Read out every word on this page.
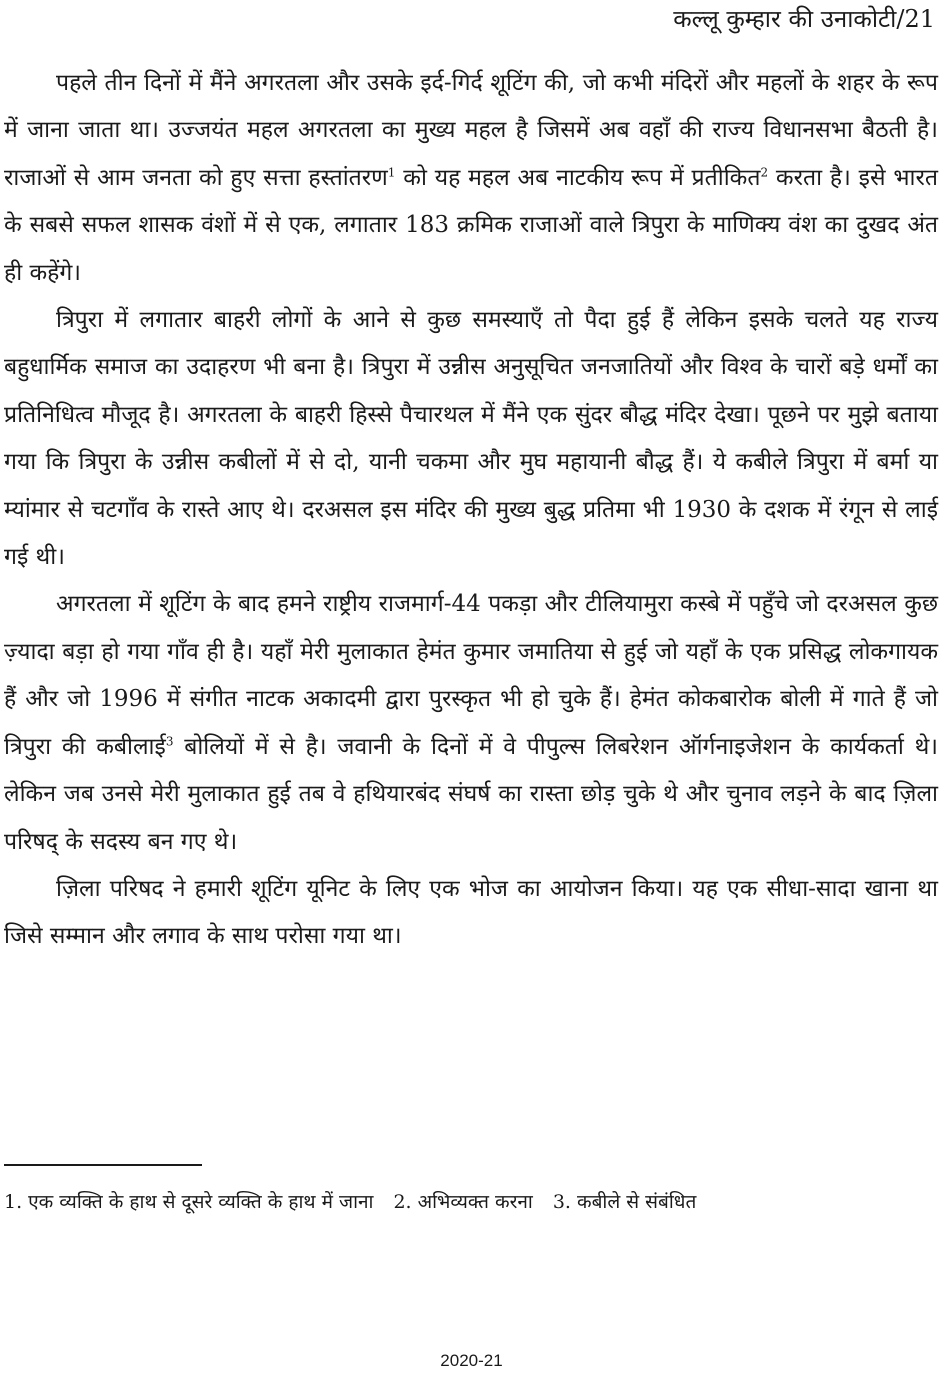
कल्लू कुम्हार की उनाकोटी/21

पहले तीन दिनों में मैंने अगरतला और उसके इर्द-गिर्द शूटिंग की, जो कभी मंदिरों और महलों के शहर के रूप में जाना जाता था। उज्जयंत महल अगरतला का मुख्य महल है जिसमें अब वहाँ की राज्य विधानसभा बैठती है। राजाओं से आम जनता को हुए सत्ता हस्तांतरण$^1$ को यह महल अब नाटकीय रूप में प्रतीकित$^2$ करता है। इसे भारत के सबसे सफल शासक वंशों में से एक, लगातार 183 क्रमिक राजाओं वाले त्रिपुरा के माणिक्य वंश का दुखद अंत ही कहेंगे।

त्रिपुरा में लगातार बाहरी लोगों के आने से कुछ समस्याएँ तो पैदा हुई हैं लेकिन इसके चलते यह राज्य बहुधार्मिक समाज का उदाहरण भी बना है। त्रिपुरा में उन्नीस अनुसूचित जनजातियों और विश्व के चारों बड़े धर्मों का प्रतिनिधित्व मौजूद है। अगरतला के बाहरी हिस्से पैचारथल में मैंने एक सुंदर बौद्ध मंदिर देखा। पूछने पर मुझे बताया गया कि त्रिपुरा के उन्नीस कबीलों में से दो, यानी चकमा और मुघ महायानी बौद्ध हैं। ये कबीले त्रिपुरा में बर्मा या म्यांमार से चटगाँव के रास्ते आए थे। दरअसल इस मंदिर की मुख्य बुद्ध प्रतिमा भी 1930 के दशक में रंगून से लाई गई थी।

अगरतला में शूटिंग के बाद हमने राष्ट्रीय राजमार्ग-44 पकड़ा और टीलियामुरा कस्बे में पहुँचे जो दरअसल कुछ ज़्यादा बड़ा हो गया गाँव ही है। यहाँ मेरी मुलाकात हेमंत कुमार जमातिया से हुई जो यहाँ के एक प्रसिद्ध लोकगायक हैं और जो 1996 में संगीत नाटक अकादमी द्वारा पुरस्कृत भी हो चुके हैं। हेमंत कोकबारोक बोली में गाते हैं जो त्रिपुरा की कबीलाई$^3$ बोलियों में से है। जवानी के दिनों में वे पीपुल्स लिबरेशन ऑर्गनाइजेशन के कार्यकर्ता थे। लेकिन जब उनसे मेरी मुलाकात हुई तब वे हथियारबंद संघर्ष का रास्ता छोड़ चुके थे और चुनाव लड़ने के बाद ज़िला परिषद् के सदस्य बन गए थे।

ज़िला परिषद ने हमारी शूटिंग यूनिट के लिए एक भोज का आयोजन किया। यह एक सीधा-सादा खाना था जिसे सम्मान और लगाव के साथ परोसा गया था।

1. एक व्यक्ति के हाथ से दूसरे व्यक्ति के हाथ में जाना 2. अभिव्यक्त करना 3. कबीले से संबंधित
2020-21
